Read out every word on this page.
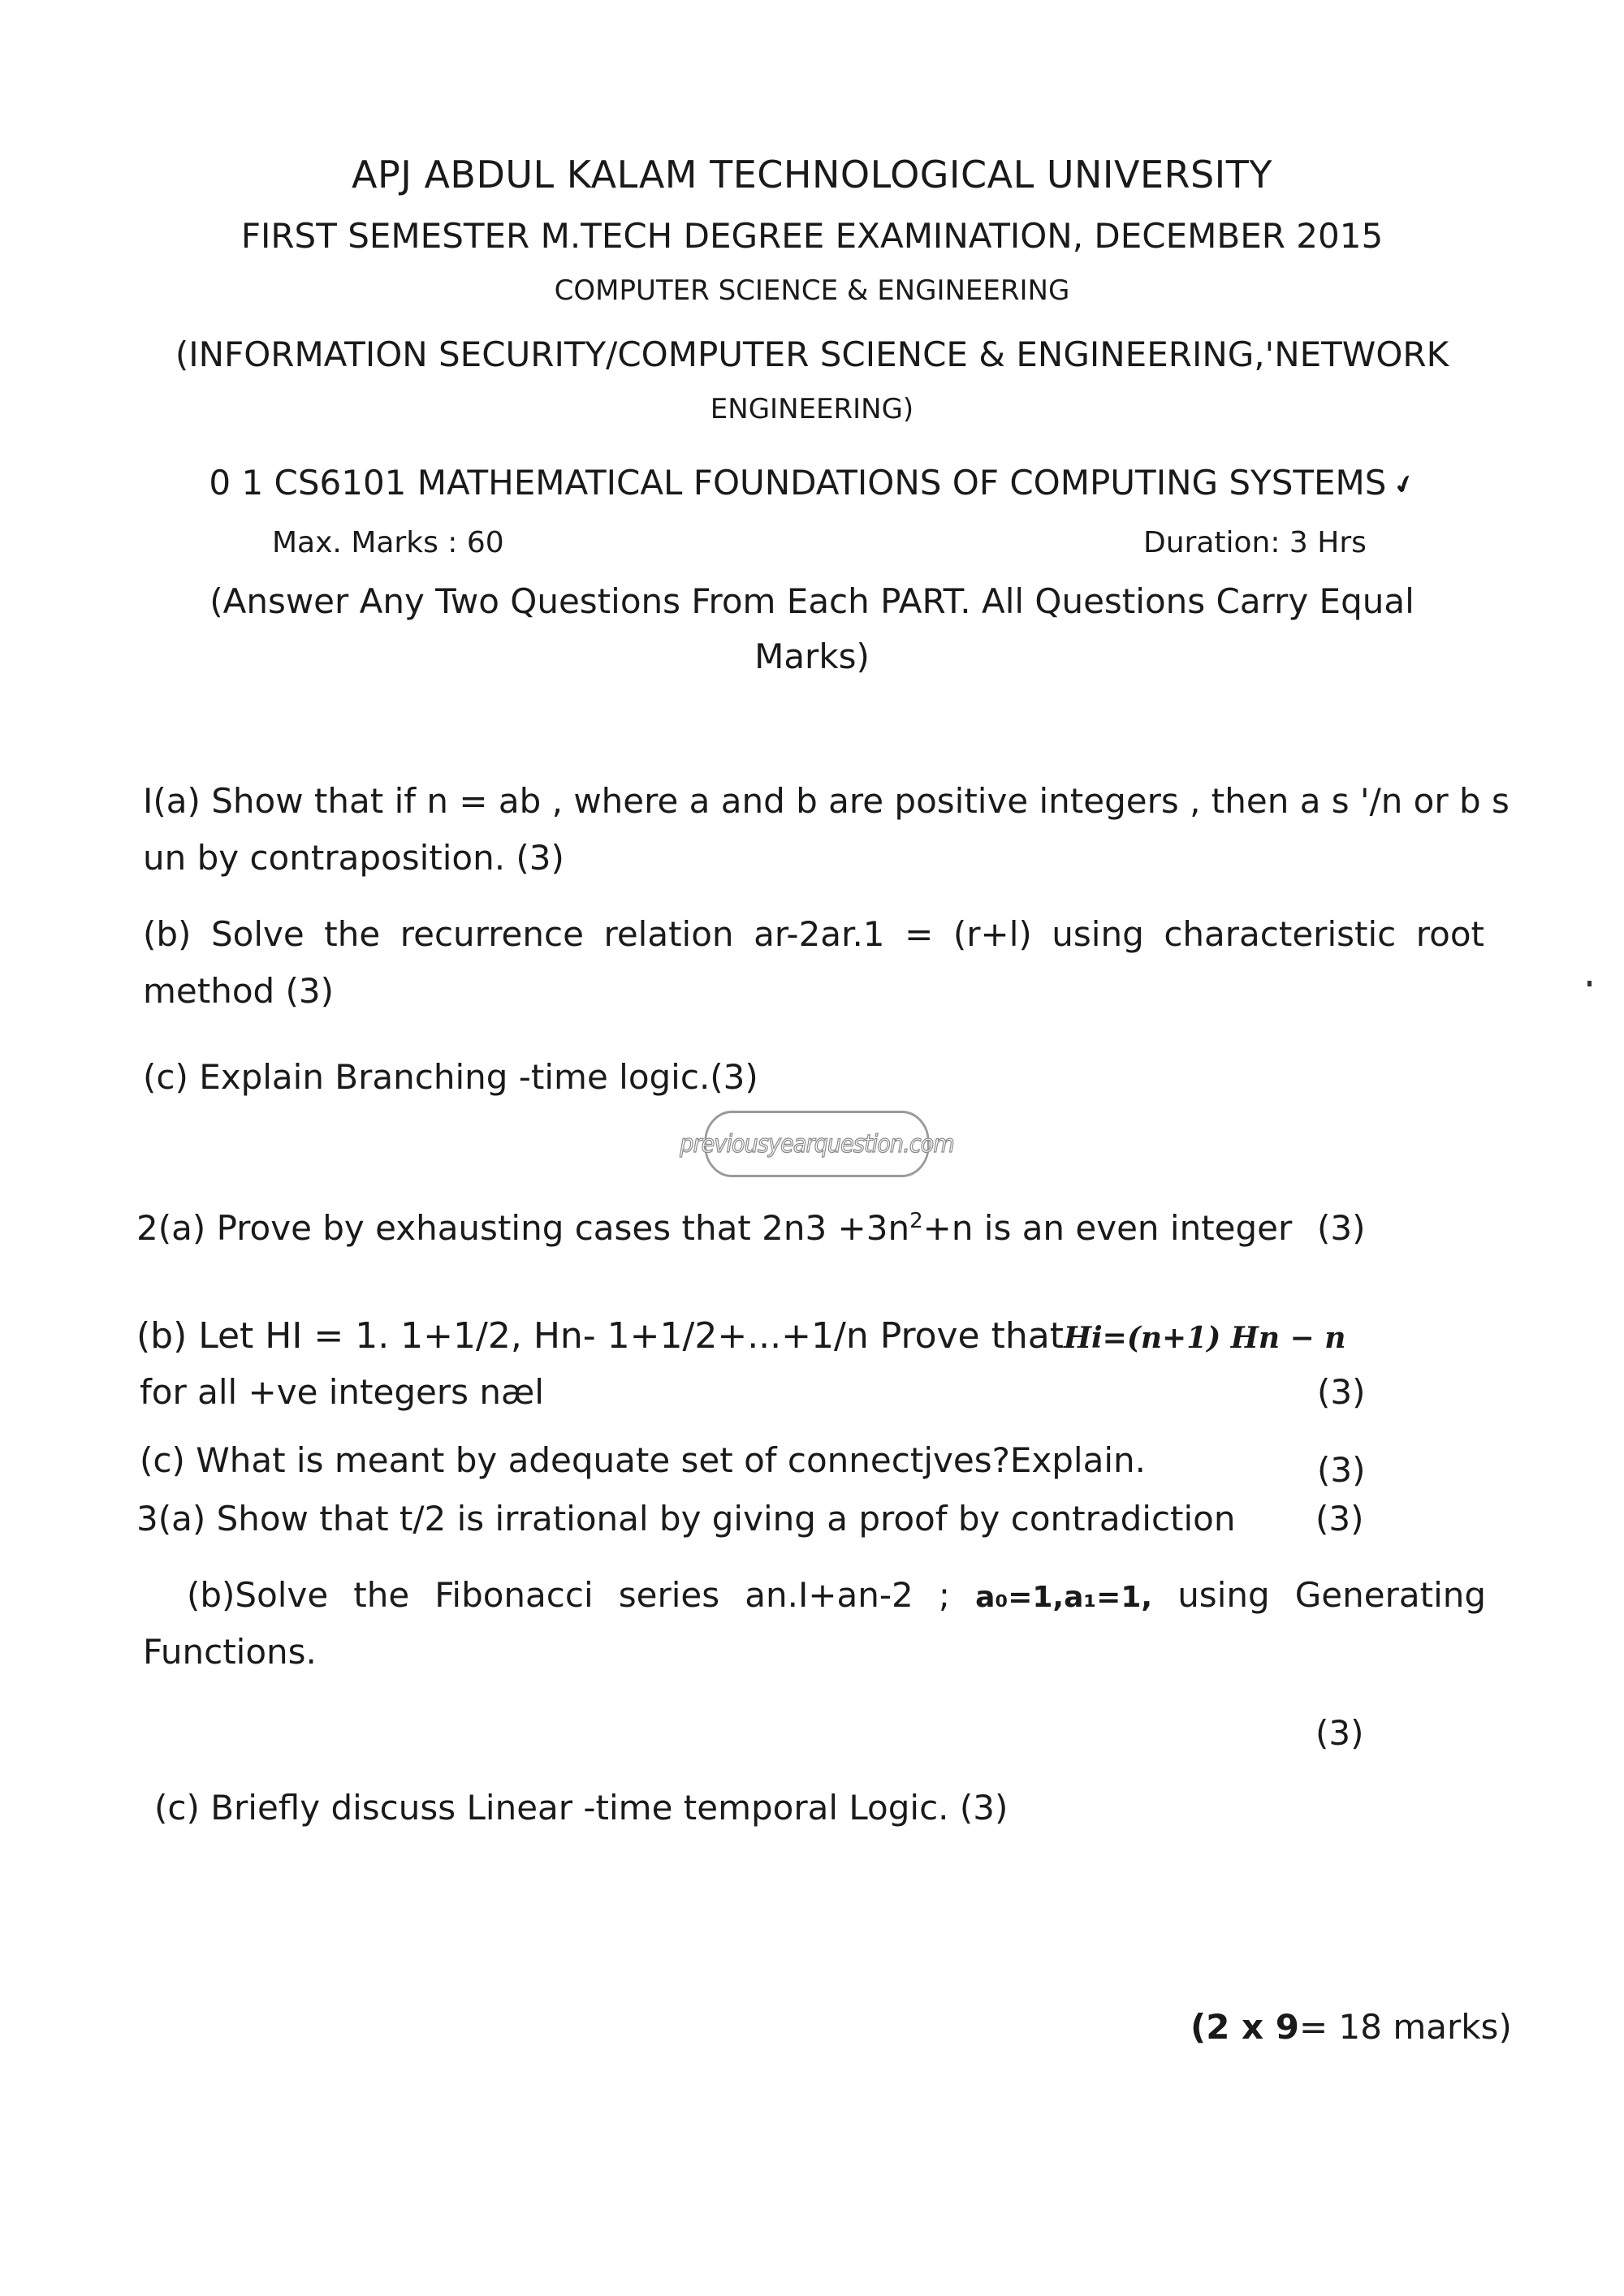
APJ ABDUL KALAM TECHNOLOGICAL UNIVERSITY
FIRST SEMESTER M.TECH DEGREE EXAMINATION, DECEMBER 2015
COMPUTER SCIENCE & ENGINEERING
(INFORMATION SECURITY/COMPUTER SCIENCE & ENGINEERING,'NETWORK
ENGINEERING)
0 1 CS6101 MATHEMATICAL FOUNDATIONS OF COMPUTING SYSTEMS ✔
Max. Marks : 60	Duration: 3 Hrs
(Answer Any Two Questions From Each PART. All Questions Carry Equal
Marks)
I(a) Show that if n = ab , where a and b are positive integers , then a s '/n or b s
un by contraposition. (3)
(b) Solve the recurrence relation ar-2ar.1 = (r+l) using characteristic root
method (3)
(c) Explain Branching -time logic.(3)
previousyearquestion.com
2(a) Prove by exhausting cases that $2n3 +3n^2+n$ is an even integer (3)
(b) Let HI = 1. 1+1/2, Hn- 1+1/2+...+1/n Prove thatHi=(n+1) Hn − n
for all +ve integers næl	(3)
(c) What is meant by adequate set of connectjves?Explain.	(3)
3(a) Show that t/2 is irrational by giving a proof by contradiction (3)
(b)Solve the Fibonacci series an.I+an-2 ; a₀=1,a₁=1, using Generating
Functions.
(3)
(c) Briefly discuss Linear -time temporal Logic. (3)
(2 x 9= 18 marks)
